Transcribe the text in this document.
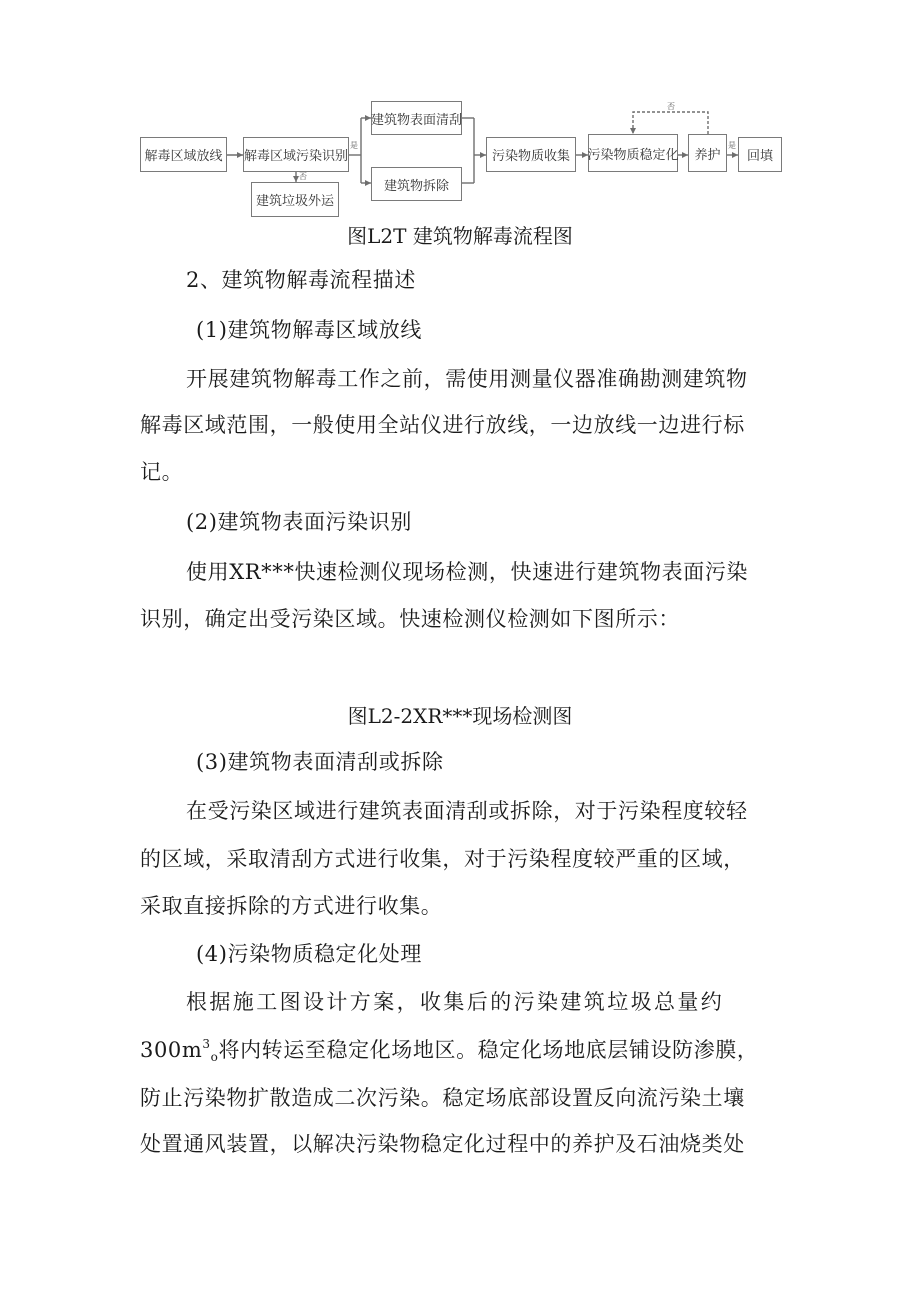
解毒区域放线	解毒区域污染识别
建筑物表面清刮
建筑物拆除
建筑垃圾外运
污染物质收集	污染物质稳定化	养护	回填
是
否
是
否
图L2T 建筑物解毒流程图
2、建筑物解毒流程描述
(1)建筑物解毒区域放线
开展建筑物解毒工作之前，需使用测量仪器准确勘测建筑物
解毒区域范围，一般使用全站仪进行放线，一边放线一边进行标
记。
(2)建筑物表面污染识别
使用XR***快速检测仪现场检测，快速进行建筑物表面污染
识别，确定出受污染区域。快速检测仪检测如下图所示：
图L2-2XR***现场检测图
(3)建筑物表面清刮或拆除
在受污染区域进行建筑表面清刮或拆除，对于污染程度较轻
的区域，采取清刮方式进行收集，对于污染程度较严重的区域，
采取直接拆除的方式进行收集。
(4)污染物质稳定化处理
根据施工图设计方案，收集后的污染建筑垃圾总量约
$300m^3_o$将内转运至稳定化场地区。稳定化场地底层铺设防渗膜，
防止污染物扩散造成二次污染。稳定场底部设置反向流污染土壤
处置通风装置，以解决污染物稳定化过程中的养护及石油烧类处
